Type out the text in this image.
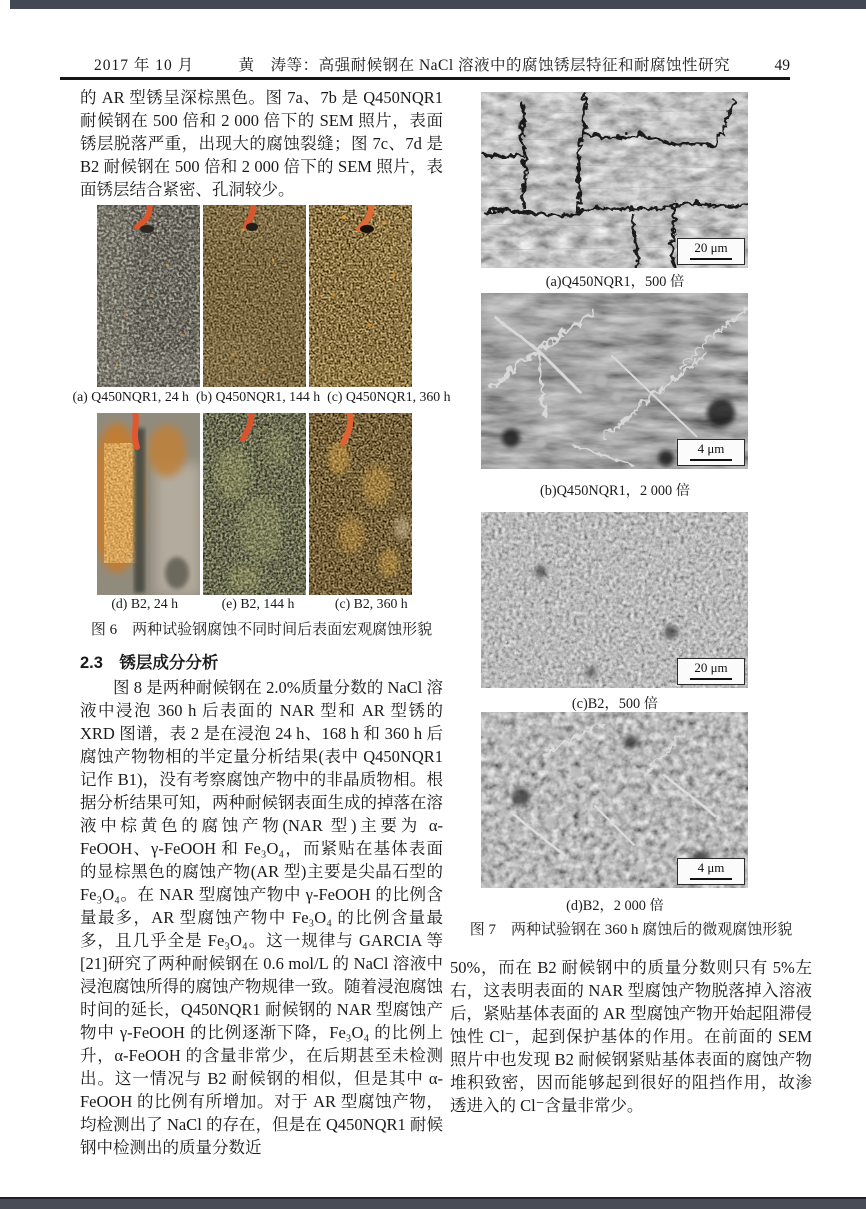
2017 年 10 月	黄　涛等：高强耐候钢在 NaCl 溶液中的腐蚀锈层特征和耐腐蚀性研究	49
的 AR 型锈呈深棕黑色。图 7a、7b 是 Q450NQR1 耐候钢在 500 倍和 2 000 倍下的 SEM 照片，表面锈层脱落严重，出现大的腐蚀裂缝；图 7c、7d 是 B2 耐候钢在 500 倍和 2 000 倍下的 SEM 照片，表面锈层结合紧密、孔洞较少。
(a) Q450NQR1, 24 h (b) Q450NQR1, 144 h (c) Q450NQR1, 360 h
(d) B2, 24 h	(e) B2, 144 h	(c) B2, 360 h
图 6　两种试验钢腐蚀不同时间后表面宏观腐蚀形貌
2.3　锈层成分分析
图 8 是两种耐候钢在 2.0%质量分数的 NaCl 溶液中浸泡 360 h 后表面的 NAR 型和 AR 型锈的 XRD 图谱，表 2 是在浸泡 24 h、168 h 和 360 h 后腐蚀产物物相的半定量分析结果(表中 Q450NQR1 记作 B1)，没有考察腐蚀产物中的非晶质物相。根据分析结果可知，两种耐候钢表面生成的掉落在溶液中棕黄色的腐蚀产物(NAR 型)主要为 α-FeOOH、γ-FeOOH 和 Fe₃O₄，而紧贴在基体表面的显棕黑色的腐蚀产物(AR 型)主要是尖晶石型的 Fe₃O₄。在 NAR 型腐蚀产物中 γ-FeOOH 的比例含量最多，AR 型腐蚀产物中 Fe₃O₄ 的比例含量最多，且几乎全是 Fe₃O₄。这一规律与 GARCIA 等[21]研究了两种耐候钢在 0.6 mol/L 的 NaCl 溶液中浸泡腐蚀所得的腐蚀产物规律一致。随着浸泡腐蚀时间的延长，Q450NQR1 耐候钢的 NAR 型腐蚀产物中 γ-FeOOH 的比例逐渐下降，Fe₃O₄ 的比例上升，α-FeOOH 的含量非常少，在后期甚至未检测出。这一情况与 B2 耐候钢的相似，但是其中 α-FeOOH 的比例有所增加。对于 AR 型腐蚀产物，均检测出了 NaCl 的存在，但是在 Q450NQR1 耐候钢中检测出的质量分数近
20 μm
(a)Q450NQR1，500 倍
4 μm
(b)Q450NQR1，2 000 倍
20 μm
(c)B2，500 倍
4 μm
(d)B2，2 000 倍
图 7　两种试验钢在 360 h 腐蚀后的微观腐蚀形貌
50%，而在 B2 耐候钢中的质量分数则只有 5%左右，这表明表面的 NAR 型腐蚀产物脱落掉入溶液后，紧贴基体表面的 AR 型腐蚀产物开始起阻滞侵蚀性 Cl⁻，起到保护基体的作用。在前面的 SEM 照片中也发现 B2 耐候钢紧贴基体表面的腐蚀产物堆积致密，因而能够起到很好的阻挡作用，故渗透进入的 Cl⁻含量非常少。
